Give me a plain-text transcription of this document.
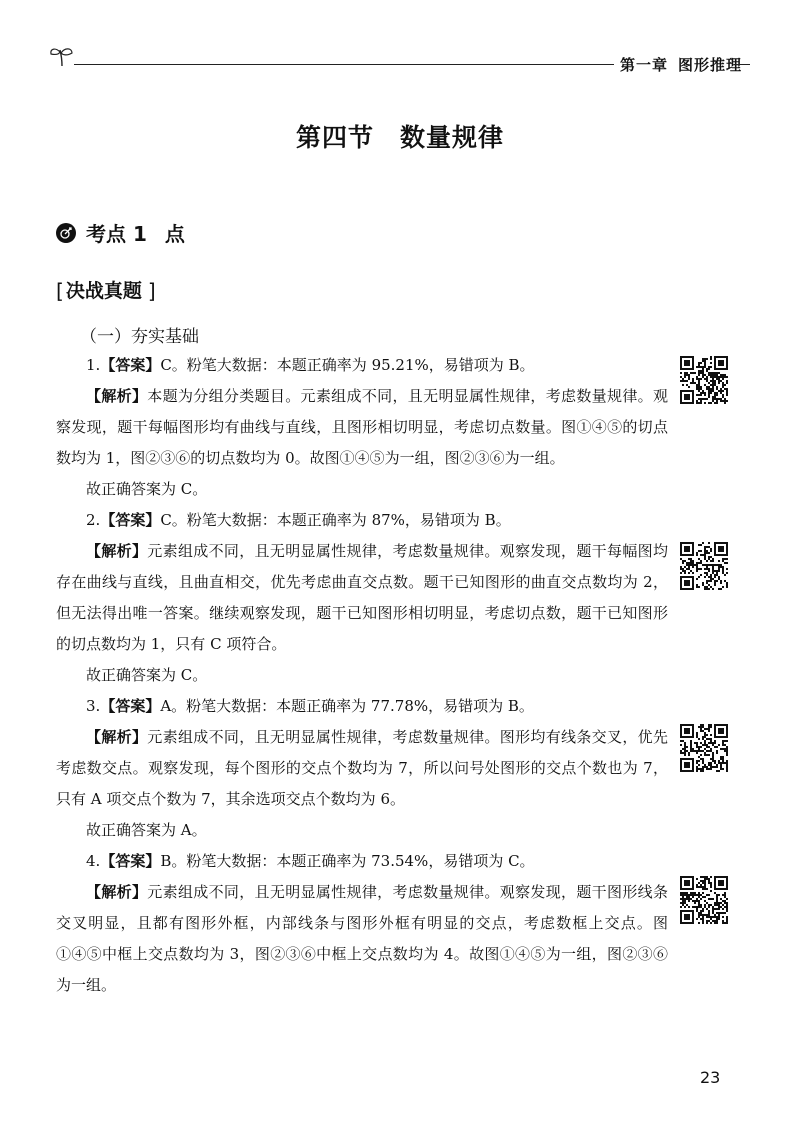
第一章 图形推理
第四节 数量规律
考点 1 点
[ 决战真题 ]
（一）夯实基础

1.【答案】C。粉笔大数据：本题正确率为 95.21%，易错项为 B。

【解析】本题为分组分类题目。元素组成不同，且无明显属性规律，考虑数量规律。观察发现，题干每幅图形均有曲线与直线，且图形相切明显，考虑切点数量。图①④⑤的切点数均为 1，图②③⑥的切点数均为 0。故图①④⑤为一组，图②③⑥为一组。

故正确答案为 C。

2.【答案】C。粉笔大数据：本题正确率为 87%，易错项为 B。

【解析】元素组成不同，且无明显属性规律，考虑数量规律。观察发现，题干每幅图均存在曲线与直线，且曲直相交，优先考虑曲直交点数。题干已知图形的曲直交点数均为 2，但无法得出唯一答案。继续观察发现，题干已知图形相切明显，考虑切点数，题干已知图形的切点数均为 1，只有 C 项符合。

故正确答案为 C。

3.【答案】A。粉笔大数据：本题正确率为 77.78%，易错项为 B。

【解析】元素组成不同，且无明显属性规律，考虑数量规律。图形均有线条交叉，优先考虑数交点。观察发现，每个图形的交点个数均为 7，所以问号处图形的交点个数也为 7，只有 A 项交点个数为 7，其余选项交点个数均为 6。

故正确答案为 A。

4.【答案】B。粉笔大数据：本题正确率为 73.54%，易错项为 C。

【解析】元素组成不同，且无明显属性规律，考虑数量规律。观察发现，题干图形线条交叉明显，且都有图形外框，内部线条与图形外框有明显的交点，考虑数框上交点。图①④⑤中框上交点数均为 3，图②③⑥中框上交点数均为 4。故图①④⑤为一组，图②③⑥为一组。

23
